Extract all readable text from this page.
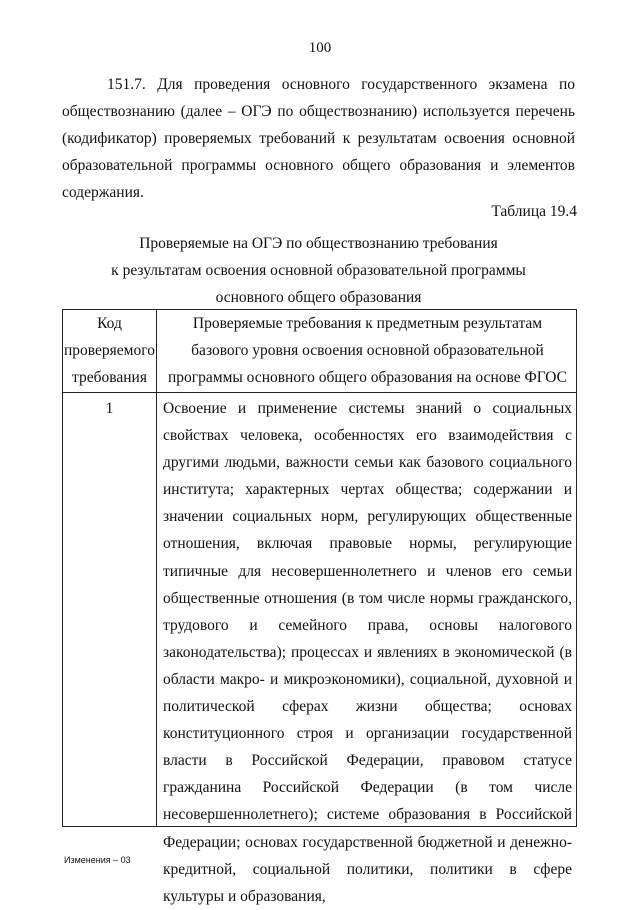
100
151.7. Для проведения основного государственного экзамена по обществознанию (далее – ОГЭ по обществознанию) используется перечень (кодификатор) проверяемых требований к результатам освоения основной образовательной программы основного общего образования и элементов содержания.
Таблица 19.4
Проверяемые на ОГЭ по обществознанию требования
к результатам освоения основной образовательной программы
основного общего образования
Код проверяемого требования	Проверяемые требования к предметным результатам базового уровня освоения основной образовательной программы основного общего образования на основе ФГОС

1	Освоение и применение системы знаний о социальных свойствах человека, особенностях его взаимодействия с другими людьми, важности семьи как базового социального института; характерных чертах общества; содержании и значении социальных норм, регулирующих общественные отношения, включая правовые нормы, регулирующие типичные для несовершеннолетнего и членов его семьи общественные отношения (в том числе нормы гражданского, трудового и семейного права, основы налогового законодательства); процессах и явлениях в экономической (в области макро- и микроэкономики), социальной, духовной и политической сферах жизни общества; основах конституционного строя и организации государственной власти в Российской Федерации, правовом статусе гражданина Российской Федерации (в том числе несовершеннолетнего); системе образования в Российской Федерации; основах государственной бюджетной и денежно-кредитной, социальной политики, политики в сфере культуры и образования,
Изменения – 03
